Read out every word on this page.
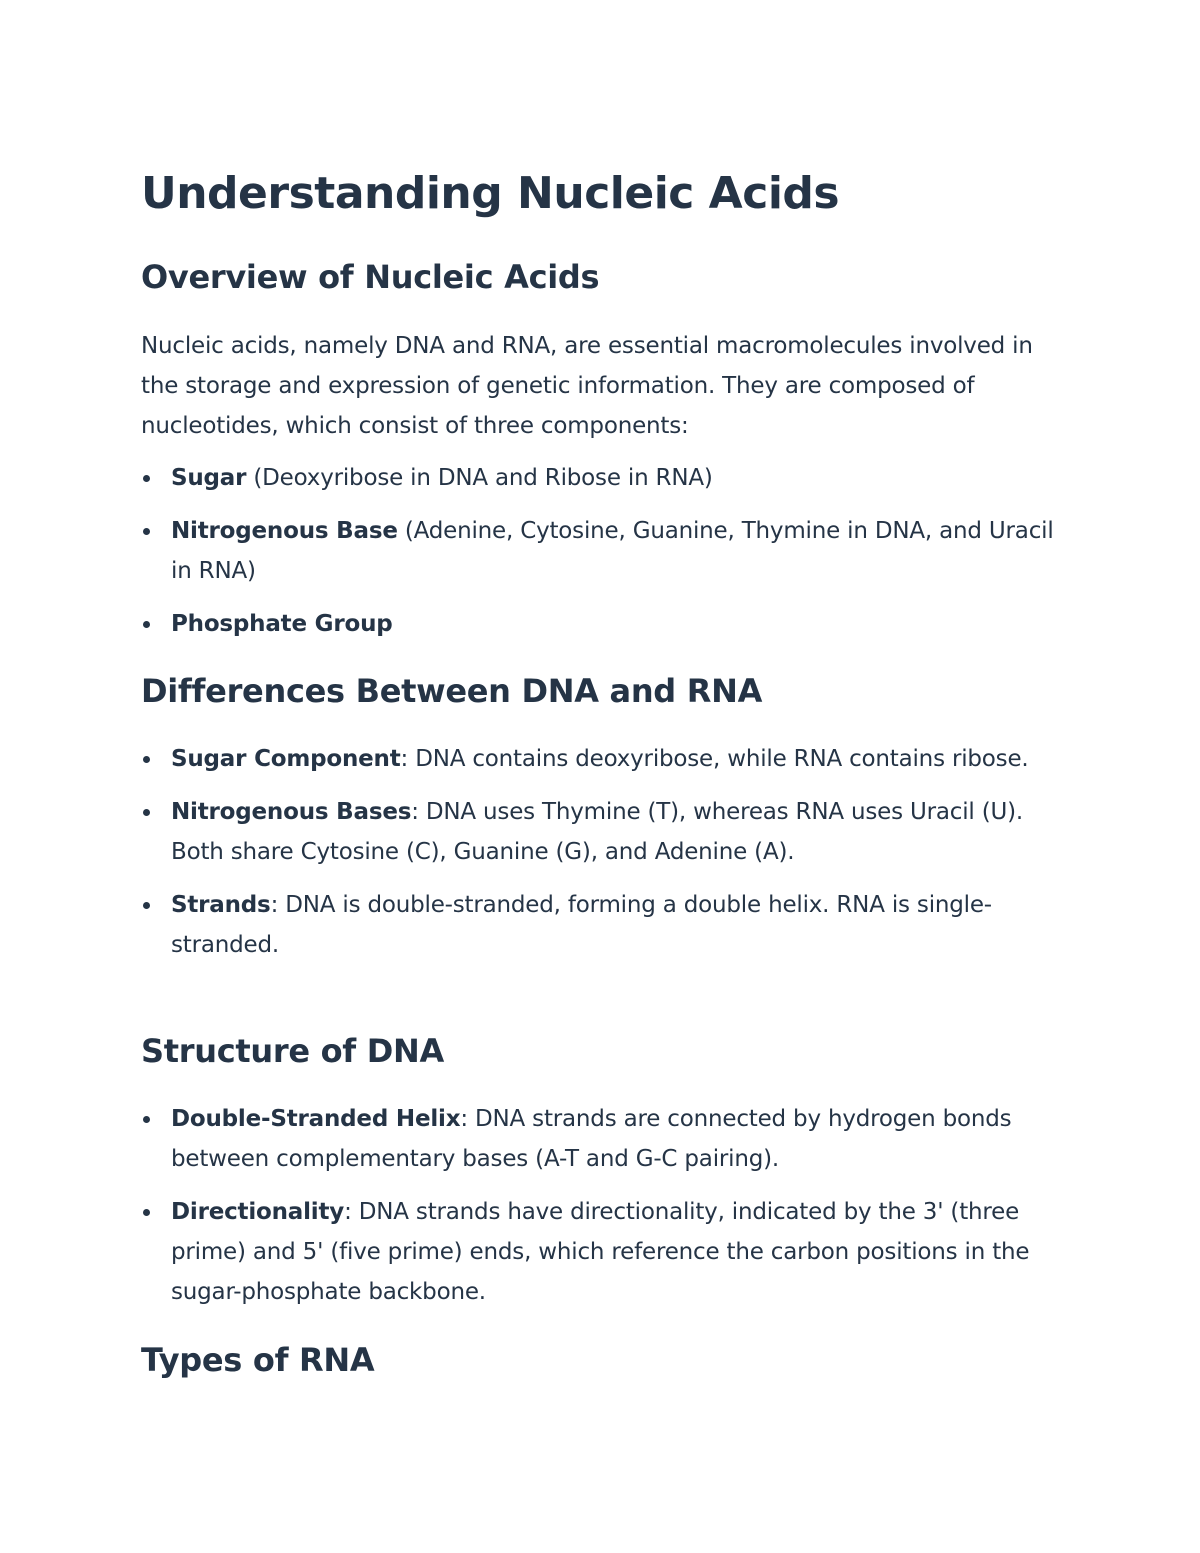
Understanding Nucleic Acids
Overview of Nucleic Acids

Nucleic acids, namely DNA and RNA, are essential macromolecules involved in the storage and expression of genetic information. They are composed of nucleotides, which consist of three components:

Sugar (Deoxyribose in DNA and Ribose in RNA)
Nitrogenous Base (Adenine, Cytosine, Guanine, Thymine in DNA, and Uracil in RNA)
Phosphate Group
Differences Between DNA and RNA
Sugar Component: DNA contains deoxyribose, while RNA contains ribose.
Nitrogenous Bases: DNA uses Thymine (T), whereas RNA uses Uracil (U). Both share Cytosine (C), Guanine (G), and Adenine (A).
Strands: DNA is double-stranded, forming a double helix. RNA is single-stranded.
Structure of DNA
Double-Stranded Helix: DNA strands are connected by hydrogen bonds between complementary bases (A-T and G-C pairing).
Directionality: DNA strands have directionality, indicated by the 3' (three prime) and 5' (five prime) ends, which reference the carbon positions in the sugar-phosphate backbone.
Types of RNA
